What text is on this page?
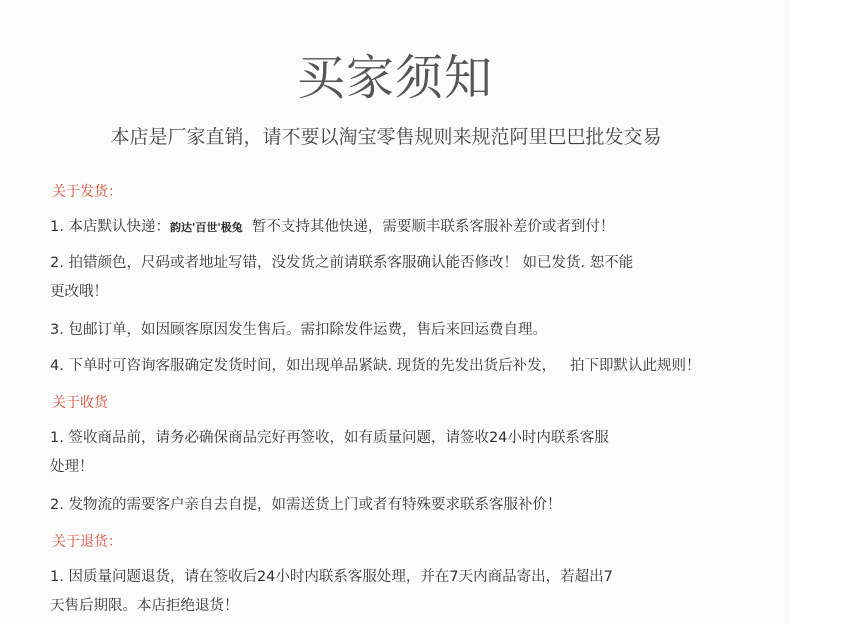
买家须知
本店是厂家直销，请不要以淘宝零售规则来规范阿里巴巴批发交易
关于发货：
1. 本店默认快递：韵达'百世'极兔  暂不支持其他快递，需要顺丰联系客服补差价或者到付！
2. 拍错颜色，尺码或者地址写错，没发货之前请联系客服确认能否修改！ 如已发货. 恕不能
更改哦！
3. 包邮订单，如因顾客原因发生售后。需扣除发件运费，售后来回运费自理。
4. 下单时可咨询客服确定发货时间，如出现单品紧缺. 现货的先发出货后补发，   拍下即默认此规则！
关于收货
1. 签收商品前，请务必确保商品完好再签收，如有质量问题，请签收24小时内联系客服
处理！
2. 发物流的需要客户亲自去自提，如需送货上门或者有特殊要求联系客服补价！
关于退货：
1. 因质量问题退货，请在签收后24小时内联系客服处理，并在7天内商品寄出，若超出7
天售后期限。本店拒绝退货！
